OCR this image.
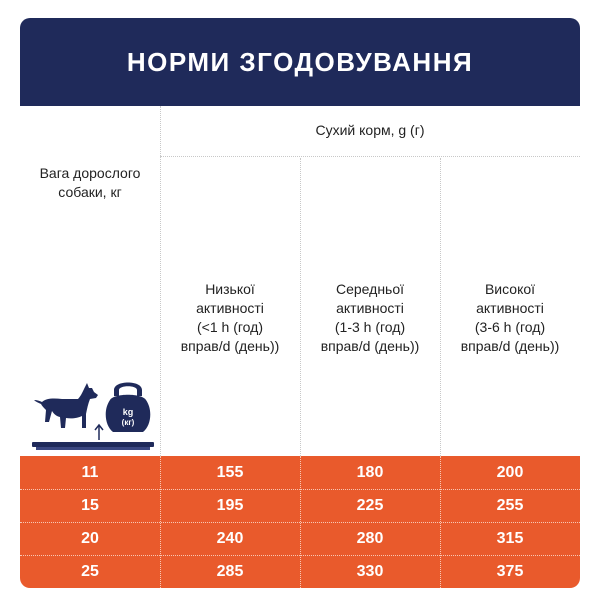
НОРМИ ЗГОДОВУВАННЯ
Вага дорослого
собаки, кг
Сухий корм, g (г)
Низької
активності
(<1 h (год)
вправ/d (день))
Середньої
активності
(1-3 h (год)
вправ/d (день))
Високої
активності
(3-6 h (год)
вправ/d (день))
kg
(кг)
11	155	180	200
15	195	225	255
20	240	280	315
25	285	330	375
